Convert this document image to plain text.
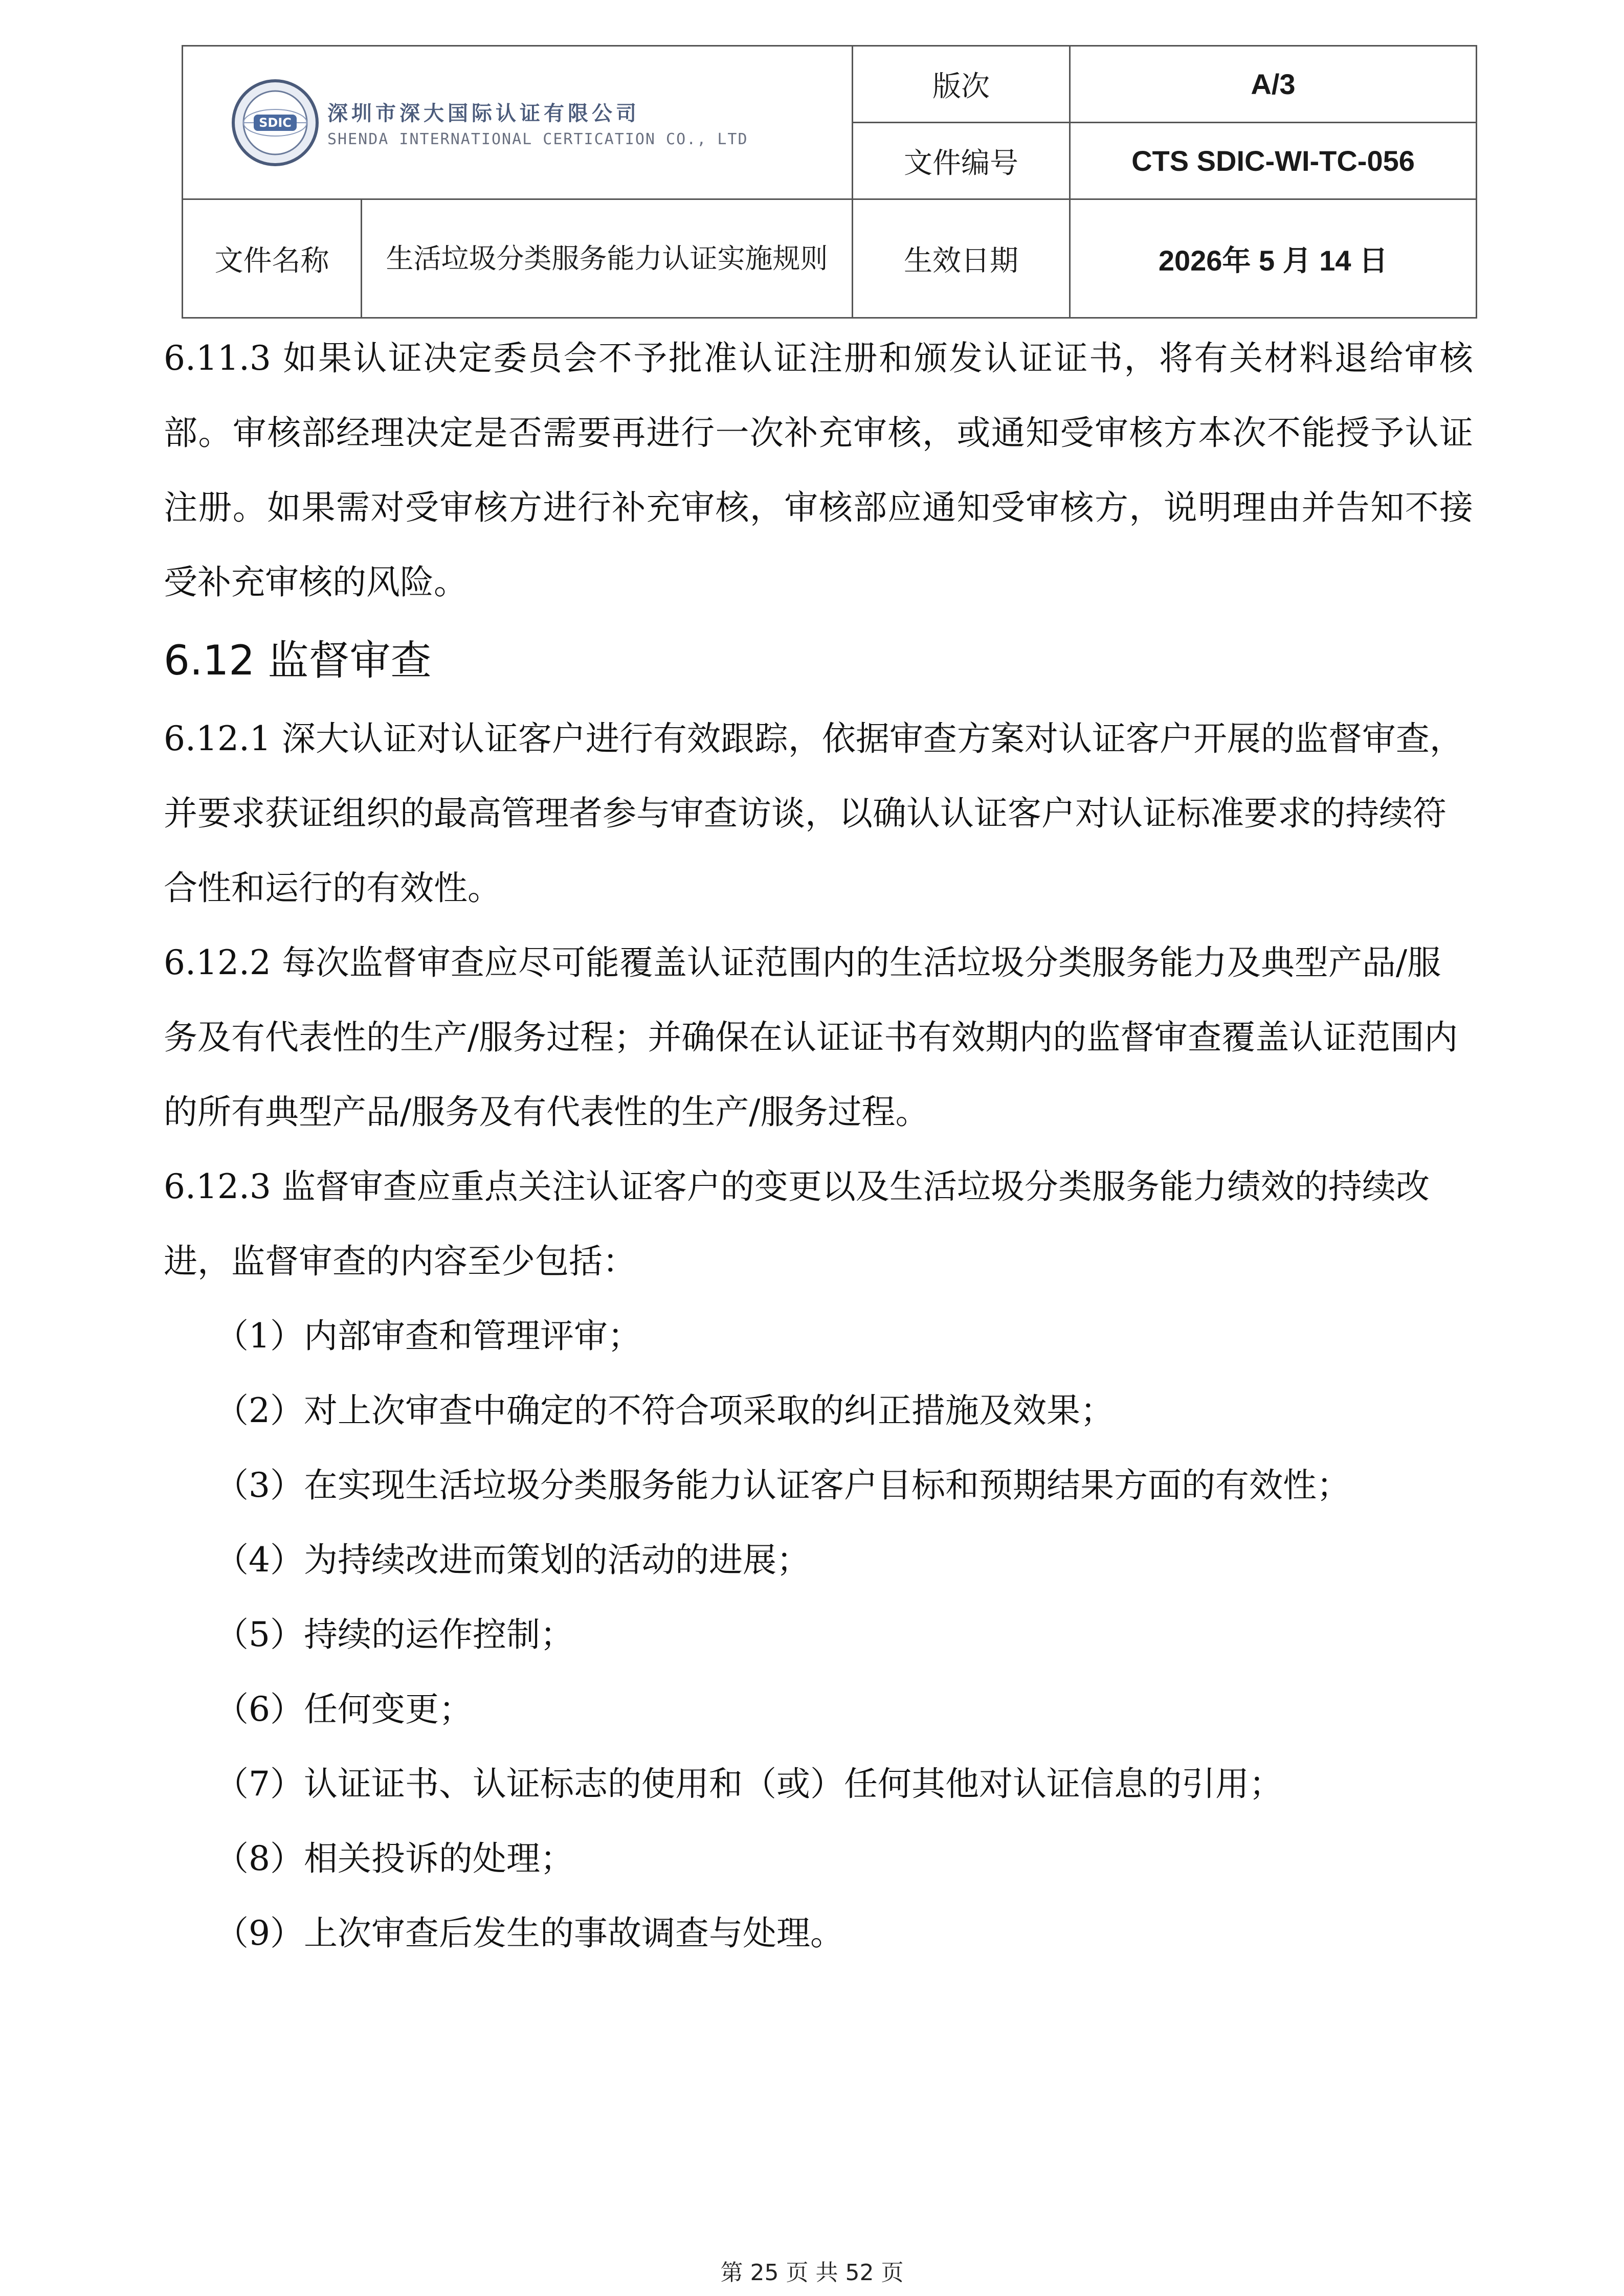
SDIC 深圳市深大国际认证有限公司
SHENDA INTERNATIONAL CERTICATION CO., LTD		版次	A/3
		文件编号	CTS SDIC-WI-TC-056
文件名称	生活垃圾分类服务能力认证实施规则	生效日期	2026年 5 月 14 日

6.11.3 如果认证决定委员会不予批准认证注册和颁发认证证书，将有关材料退给审核部。审核部经理决定是否需要再进行一次补充审核，或通知受审核方本次不能授予认证注册。如果需对受审核方进行补充审核，审核部应通知受审核方，说明理由并告知不接受补充审核的风险。

6.12 监督审查

6.12.1 深大认证对认证客户进行有效跟踪，依据审查方案对认证客户开展的监督审查，并要求获证组织的最高管理者参与审查访谈，以确认认证客户对认证标准要求的持续符合性和运行的有效性。

6.12.2 每次监督审查应尽可能覆盖认证范围内的生活垃圾分类服务能力及典型产品/服务及有代表性的生产/服务过程；并确保在认证证书有效期内的监督审查覆盖认证范围内的所有典型产品/服务及有代表性的生产/服务过程。

6.12.3 监督审查应重点关注认证客户的变更以及生活垃圾分类服务能力绩效的持续改进，监督审查的内容至少包括：

（1）内部审查和管理评审；

（2）对上次审查中确定的不符合项采取的纠正措施及效果；

（3）在实现生活垃圾分类服务能力认证客户目标和预期结果方面的有效性；

（4）为持续改进而策划的活动的进展；

（5）持续的运作控制；

（6）任何变更；

（7）认证证书、认证标志的使用和（或）任何其他对认证信息的引用；

（8）相关投诉的处理；

（9）上次审查后发生的事故调查与处理。

第 25 页 共 52 页
